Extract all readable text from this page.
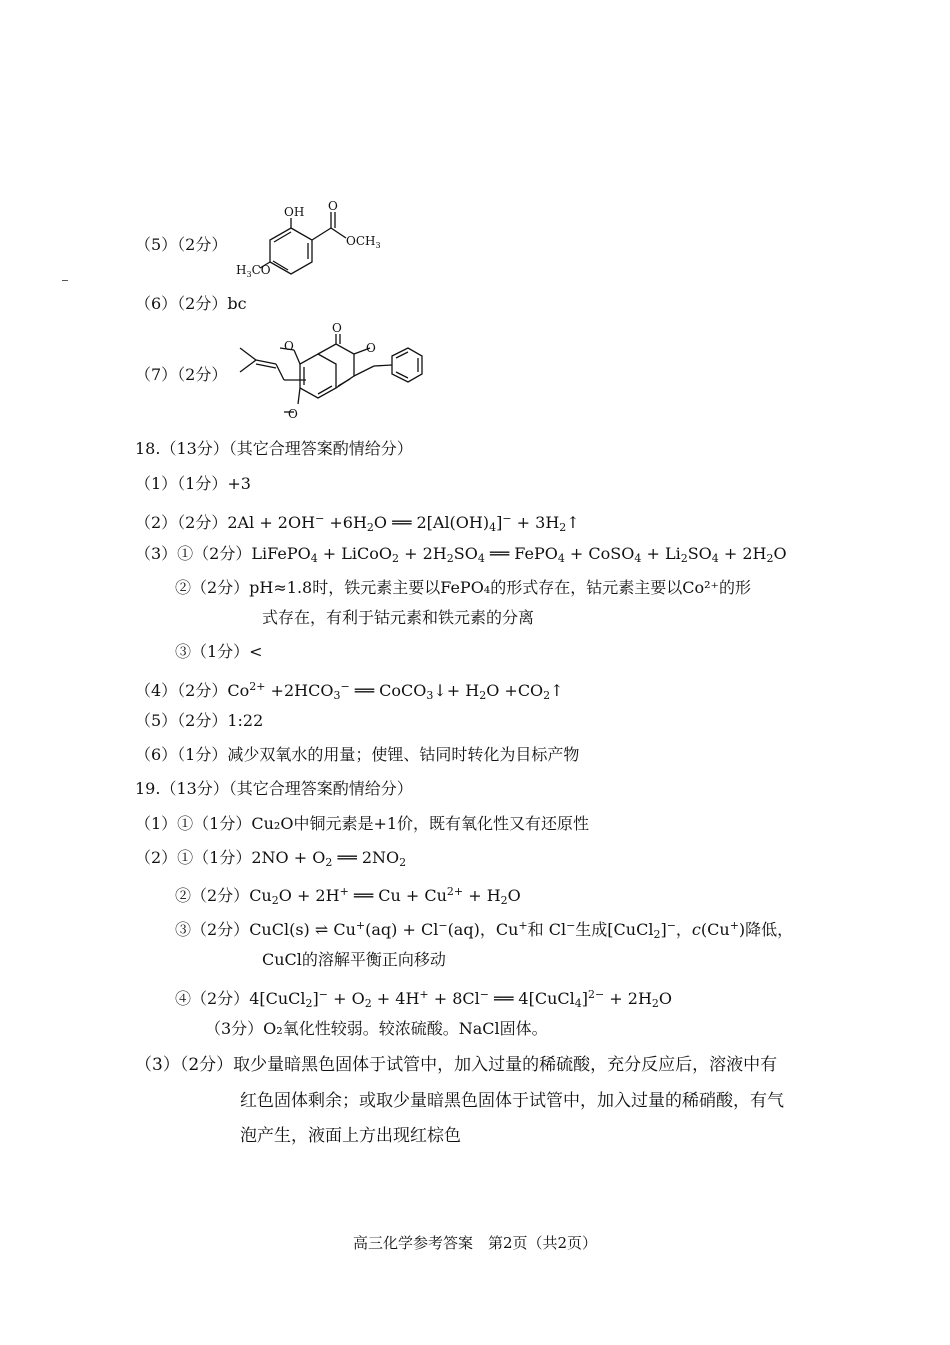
（5）（2分）
OH O
$OCH_3$
$H_3CO$
（6）（2分）bc
（7）（2分）
O
O
O
O
18.（13分）（其它合理答案酌情给分）
（1）（1分）+3
（2）（2分）$2Al + 2OH^- +6H_2O$ ══ $2[Al(OH)_4]^-$ + $3H_2↑$
（3）①（2分）LiFePO$_4$ + LiCoO$_2$ + $2H_2SO_4$ ══ FePO$_4$ + CoSO$_4$ + $Li_2SO_4 + 2H_2O$
②（2分）pH≈1.8时，铁元素主要以FePO₄的形式存在，钴元素主要以Co²⁺的形
式存在，有利于钴元素和铁元素的分离
③（1分）<
（4）（2分）$Co^{2+} +2HCO_3^-$ ══ CoCO$_3$↓+ $H_2O$ $+CO_2↑$
（5）（2分）1:22
（6）（1分）减少双氧水的用量；使锂、钴同时转化为目标产物
19.（13分）（其它合理答案酌情给分）
（1）①（1分）Cu₂O中铜元素是+1价，既有氧化性又有还原性
（2）①（1分）$2NO + O_2$ ══ $2NO_2$
②（2分）$Cu_2O + 2H^+$ ══ $Cu + Cu^{2+} + H_2O$
③（2分）CuCl(s) ⇌ Cu+(aq) + Cl−(aq)，Cu+和 Cl−生成[CuCl$_2$]−，c(Cu+)降低，
CuCl的溶解平衡正向移动
④（2分）4[CuCl$_2$]− + $O_2 + 4H^+ + 8Cl^-$ ══ 4[CuCl$_4$]$^{2-}$ + $2H_2O$
（3分）O₂氧化性较弱。较浓硫酸。NaCl固体。
（3）（2分）取少量暗黑色固体于试管中，加入过量的稀硫酸，充分反应后，溶液中有
红色固体剩余；或取少量暗黑色固体于试管中，加入过量的稀硝酸，有气
泡产生，液面上方出现红棕色
高三化学参考答案　第2页（共2页）
